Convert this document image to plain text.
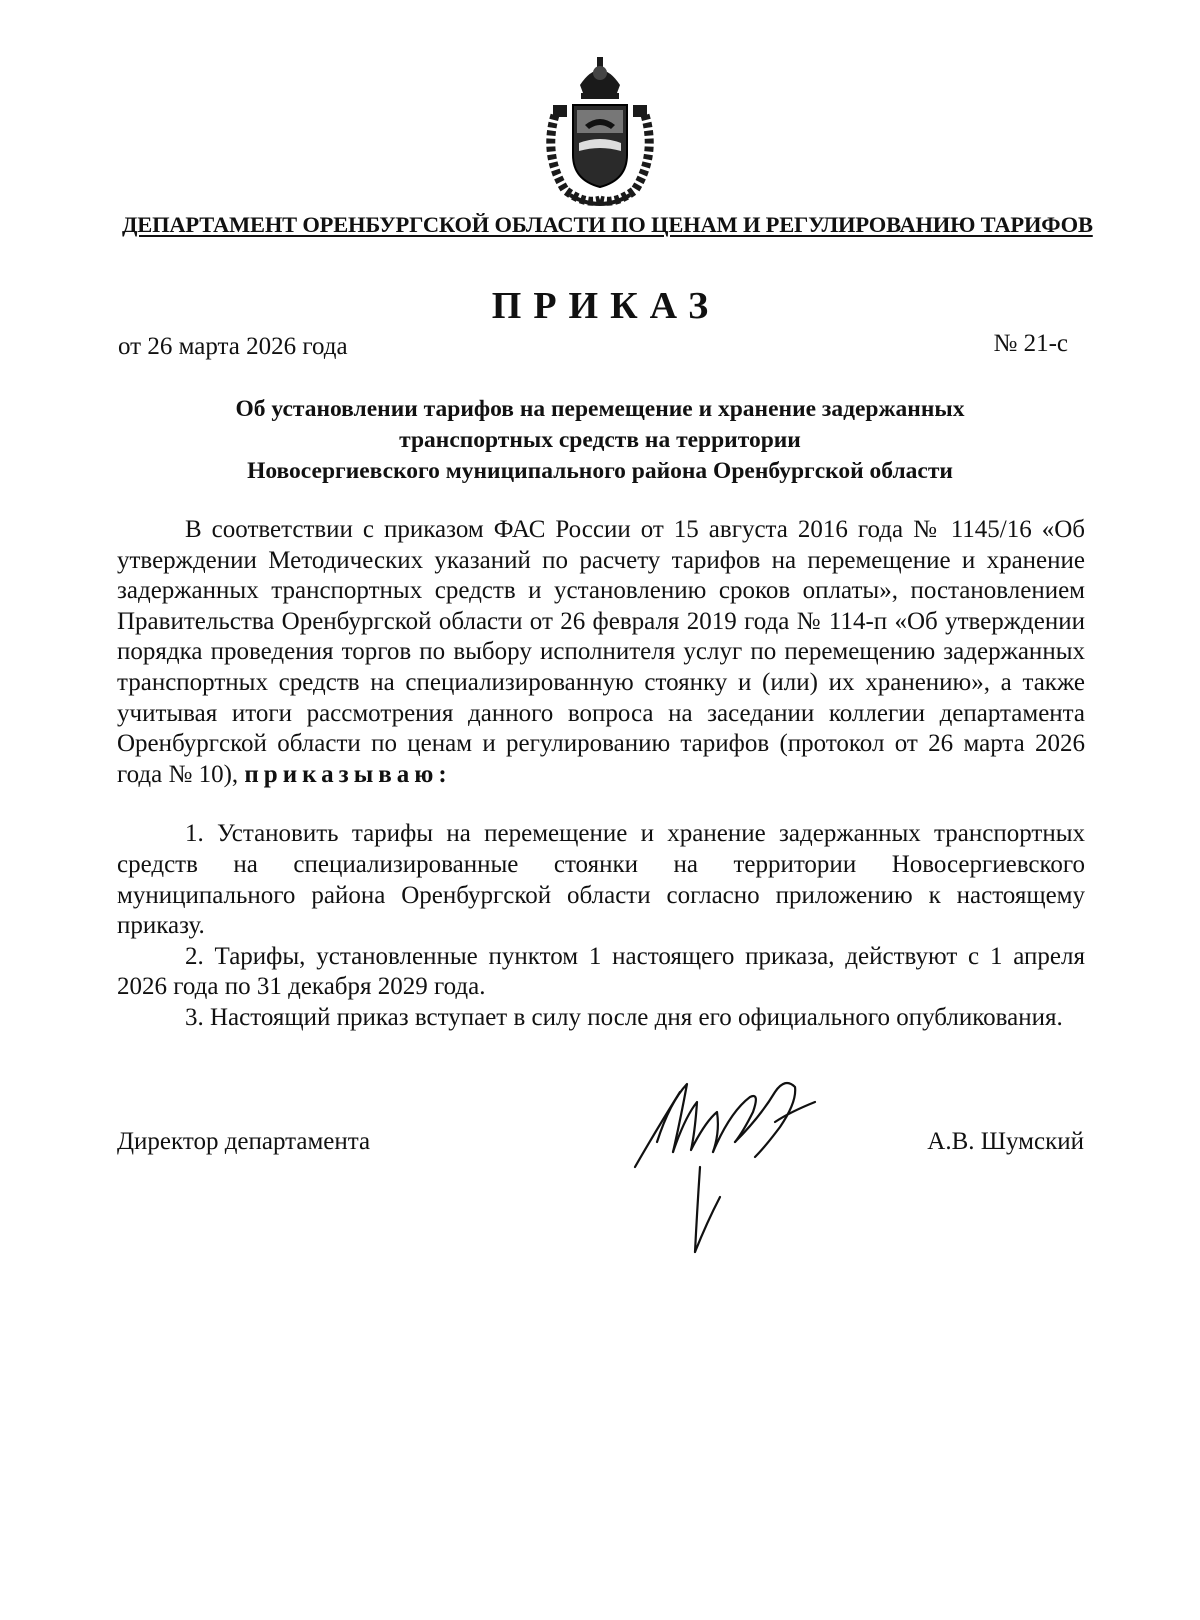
ДЕПАРТАМЕНТ ОРЕНБУРГСКОЙ ОБЛАСТИ ПО ЦЕНАМ И РЕГУЛИРОВАНИЮ ТАРИФОВ
ПРИКАЗ
от 26 марта 2026 года	№ 21-с
Об установлении тарифов на перемещение и хранение задержанных
транспортных средств на территории
Новосергиевского муниципального района Оренбургской области

В соответствии с приказом ФАС России от 15 августа 2016 года № 1145/16 «Об утверждении Методических указаний по расчету тарифов на перемещение и хранение задержанных транспортных средств и установлению сроков оплаты», постановлением Правительства Оренбургской области от 26 февраля 2019 года № 114-п «Об утверждении порядка проведения торгов по выбору исполнителя услуг по перемещению задержанных транспортных средств на специализированную стоянку и (или) их хранению», а также учитывая итоги рассмотрения данного вопроса на заседании коллегии департамента Оренбургской области по ценам и регулированию тарифов (протокол от 26 марта 2026 года № 10), приказываю:

1. Установить тарифы на перемещение и хранение задержанных транспортных средств на специализированные стоянки на территории Новосергиевского муниципального района Оренбургской области согласно приложению к настоящему приказу.

2. Тарифы, установленные пунктом 1 настоящего приказа, действуют с 1 апреля 2026 года по 31 декабря 2029 года.

3. Настоящий приказ вступает в силу после дня его официального опубликования.

Директор департамента	А.В. Шумский
